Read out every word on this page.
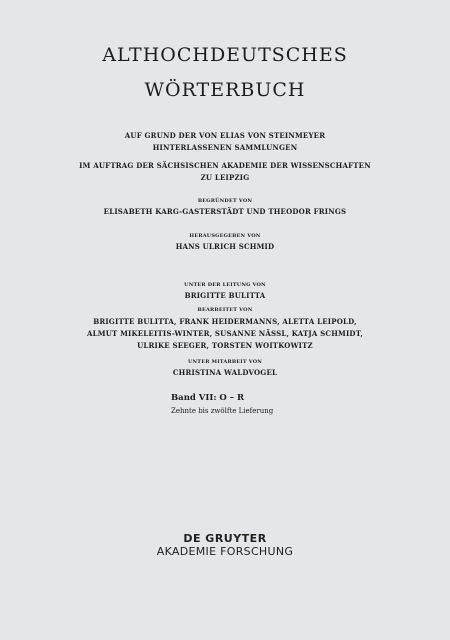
ALTHOCHDEUTSCHES
WÖRTERBUCH
AUF GRUND DER VON ELIAS VON STEINMEYER
HINTERLASSENEN SAMMLUNGEN
IM AUFTRAG DER SÄCHSISCHEN AKADEMIE DER WISSENSCHAFTEN
ZU LEIPZIG
BEGRÜNDET VON
ELISABETH KARG-GASTERSTÄDT UND THEODOR FRINGS
HERAUSGEGEBEN VON
HANS ULRICH SCHMID
UNTER DER LEITUNG VON
BRIGITTE BULITTA
BEARBEITET VON
BRIGITTE BULITTA, FRANK HEIDERMANNS, ALETTA LEIPOLD,
ALMUT MIKELEITIS-WINTER, SUSANNE NÄSSL, KATJA SCHMIDT,
ULRIKE SEEGER, TORSTEN WOITKOWITZ
UNTER MITARBEIT VON
CHRISTINA WALDVOGEL
Band VII: O – R
Zehnte bis zwölfte Lieferung
DE GRUYTER
AKADEMIE FORSCHUNG
